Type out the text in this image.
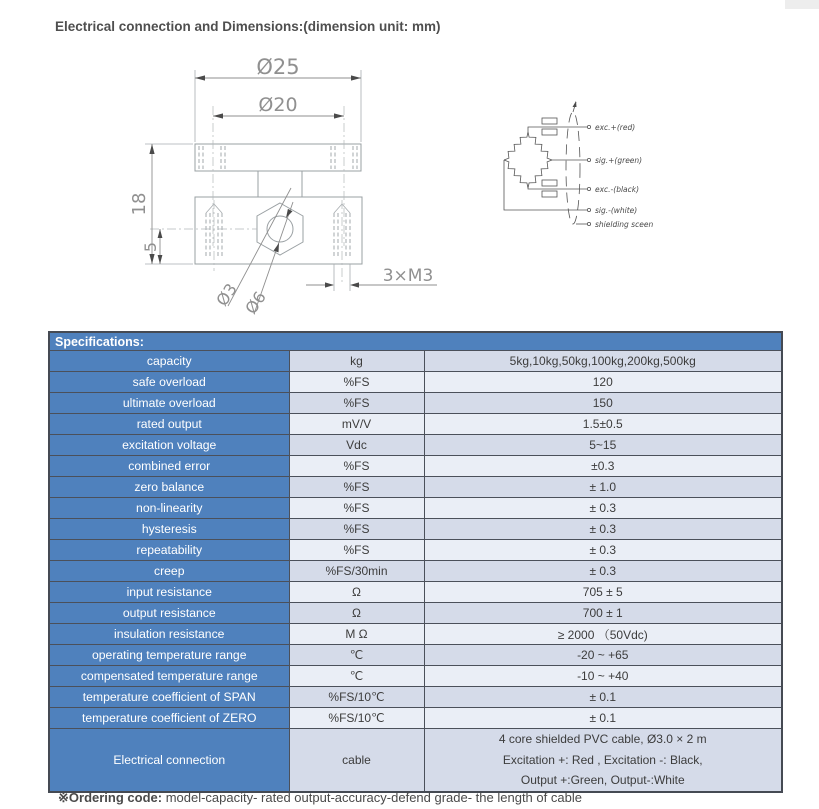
Electrical connection and Dimensions:(dimension unit: mm)
Ø25
Ø20
18
5
Ø3 Ø6
3×M3
exc.+(red)
sig.+(green)
exc.-(black)
sig.-(white)
shielding sceen
Specifications:		
capacity	kg	5kg,10kg,50kg,100kg,200kg,500kg
safe overload	%FS	120
ultimate overload	%FS	150
rated output	mV/V	1.5±0.5
excitation voltage	Vdc	5~15
combined error	%FS	±0.3
zero balance	%FS	± 1.0
non-linearity	%FS	± 0.3
hysteresis	%FS	± 0.3
repeatability	%FS	± 0.3
creep	%FS/30min	± 0.3
input resistance	Ω	705 ± 5
output resistance	Ω	700 ± 1
insulation resistance	M Ω	≥ 2000 （50Vdc)
operating temperature range	℃	-20 ~ +65
compensated temperature range	℃	-10 ~ +40
temperature coefficient of SPAN	%FS/10℃	± 0.1
temperature coefficient of ZERO	%FS/10℃	± 0.1
Electrical connection	cable	4 core shielded PVC cable, Ø3.0 × 2 m
Excitation +: Red , Excitation -: Black,
Output +:Green, Output-:White
※Ordering code: model-capacity- rated output-accuracy-defend grade- the length of cable
